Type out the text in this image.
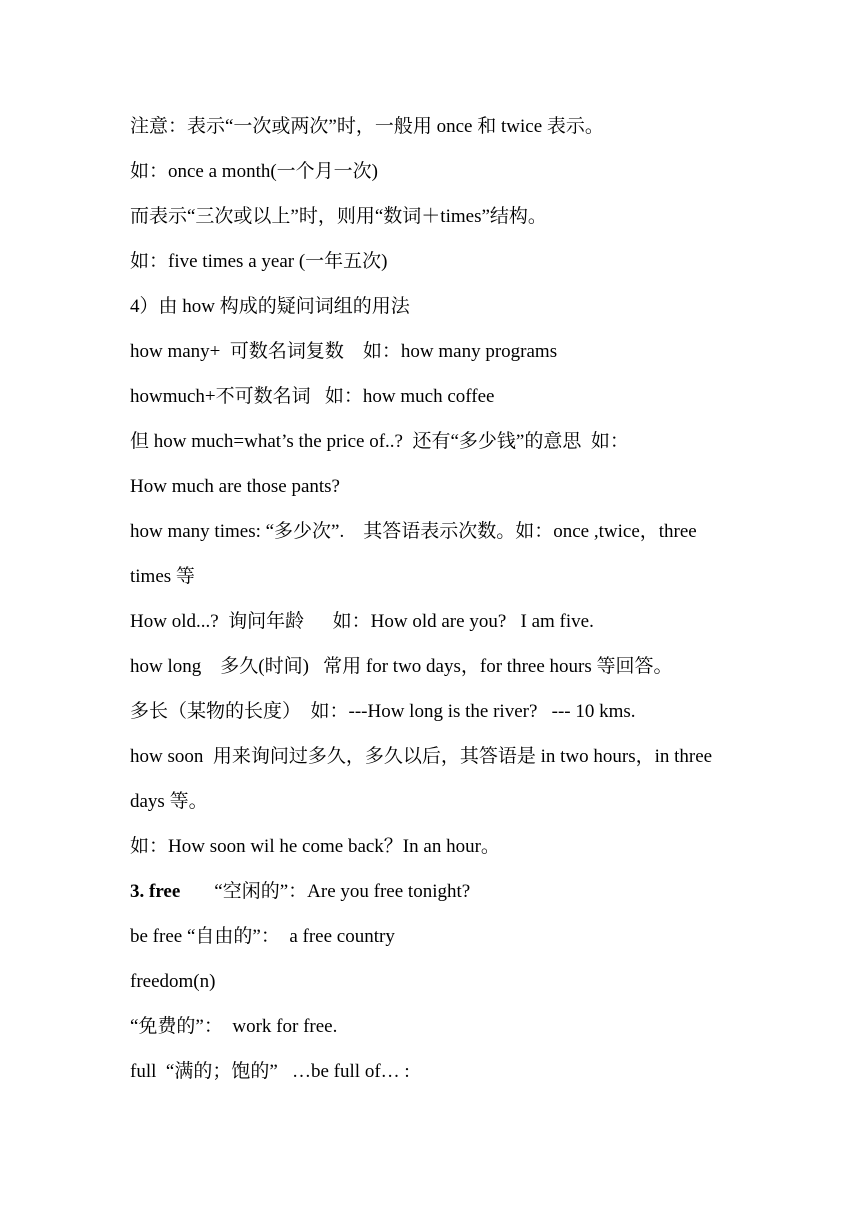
注意：表示“一次或两次”时，一般用 once 和 twice 表示。
如：once a month(一个月一次)
而表示“三次或以上”时，则用“数词＋times”结构。
如：five times a year (一年五次)
4）由 how 构成的疑问词组的用法
how many+  可数名词复数    如：how many programs
howmuch+不可数名词   如：how much coffee
但 how much=what’s the price of..?  还有“多少钱”的意思  如：
How much are those pants?
how many times: “多少次”.    其答语表示次数。如：once ,twice，three
times 等
How old...?  询问年龄      如：How old are you?   I am five.
how long    多久(时间)   常用 for two days，for three hours 等回答。
多长（某物的长度）  如：---How long is the river?   --- 10 kms.
how soon  用来询问过多久，多久以后，其答语是 in two hours，in three
days 等。
如：How soon wil he come back？In an hour。
3. free “空闲的”：Are you free tonight?
be free “自由的”：  a free country
freedom(n)
“免费的”：  work for free.
full  “满的；饱的”   …be full of… :
